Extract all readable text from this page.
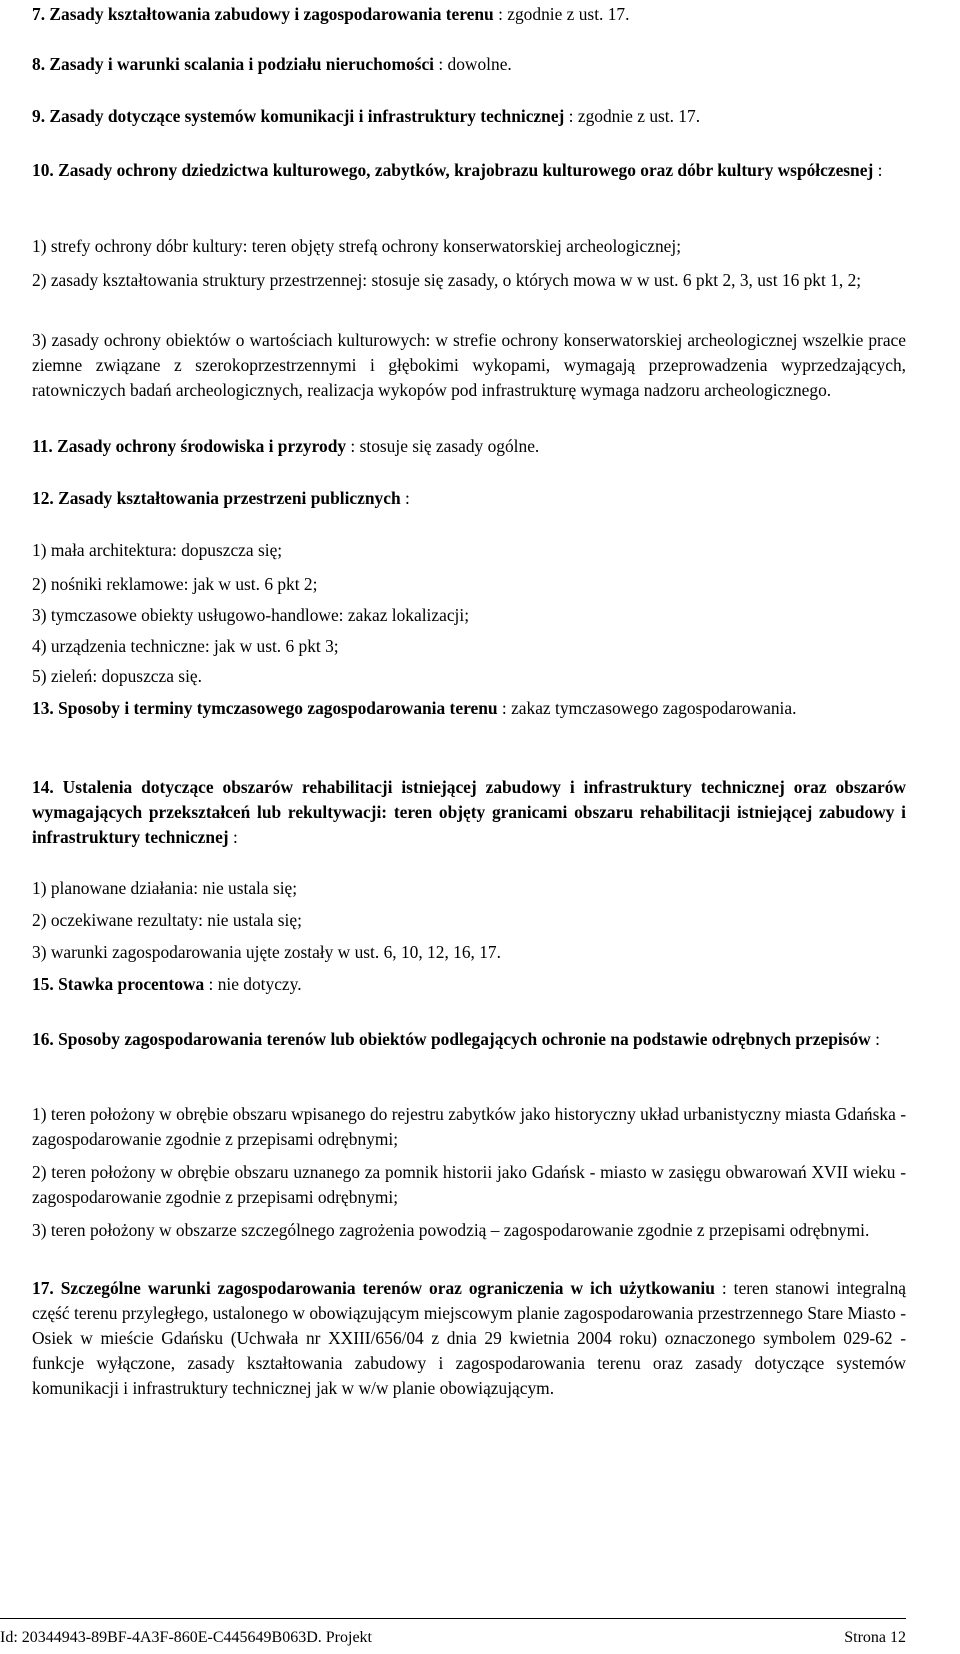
7. Zasady kształtowania zabudowy i zagospodarowania terenu : zgodnie z ust. 17.
8. Zasady i warunki scalania i podziału nieruchomości : dowolne.
9. Zasady dotyczące systemów komunikacji i infrastruktury technicznej : zgodnie z ust. 17.
10. Zasady ochrony dziedzictwa kulturowego, zabytków, krajobrazu kulturowego oraz dóbr kultury współczesnej :
1) strefy ochrony dóbr kultury: teren objęty strefą ochrony konserwatorskiej archeologicznej;
2) zasady kształtowania struktury przestrzennej: stosuje się zasady, o których mowa w w ust. 6 pkt 2, 3, ust 16 pkt 1, 2;
3) zasady ochrony obiektów o wartościach kulturowych: w strefie ochrony konserwatorskiej archeologicznej wszelkie prace ziemne związane z szerokoprzestrzennymi i głębokimi wykopami, wymagają przeprowadzenia wyprzedzających, ratowniczych badań archeologicznych, realizacja wykopów pod infrastrukturę wymaga nadzoru archeologicznego.
11. Zasady ochrony środowiska i przyrody : stosuje się zasady ogólne.
12. Zasady kształtowania przestrzeni publicznych :
1) mała architektura: dopuszcza się;
2) nośniki reklamowe: jak w ust. 6 pkt 2;
3) tymczasowe obiekty usługowo-handlowe: zakaz lokalizacji;
4) urządzenia techniczne: jak w ust. 6 pkt 3;
5) zieleń: dopuszcza się.
13. Sposoby i terminy tymczasowego zagospodarowania terenu : zakaz tymczasowego zagospodarowania.
14. Ustalenia dotyczące obszarów rehabilitacji istniejącej zabudowy i infrastruktury technicznej oraz obszarów wymagających przekształceń lub rekultywacji: teren objęty granicami obszaru rehabilitacji istniejącej zabudowy i infrastruktury technicznej :
1) planowane działania: nie ustala się;
2) oczekiwane rezultaty: nie ustala się;
3) warunki zagospodarowania ujęte zostały w ust. 6, 10, 12, 16, 17.
15. Stawka procentowa : nie dotyczy.
16. Sposoby zagospodarowania terenów lub obiektów podlegających ochronie na podstawie odrębnych przepisów :
1) teren położony w obrębie obszaru wpisanego do rejestru zabytków jako historyczny układ urbanistyczny miasta Gdańska - zagospodarowanie zgodnie z przepisami odrębnymi;
2) teren położony w obrębie obszaru uznanego za pomnik historii jako Gdańsk - miasto w zasięgu obwarowań XVII wieku - zagospodarowanie zgodnie z przepisami odrębnymi;
3) teren położony w obszarze szczególnego zagrożenia powodzią – zagospodarowanie zgodnie z przepisami odrębnymi.
17. Szczególne warunki zagospodarowania terenów oraz ograniczenia w ich użytkowaniu : teren stanowi integralną część terenu przyległego, ustalonego w obowiązującym miejscowym planie zagospodarowania przestrzennego Stare Miasto - Osiek w mieście Gdańsku (Uchwała nr XXIII/656/04 z dnia 29 kwietnia 2004 roku) oznaczonego symbolem 029-62 - funkcje wyłączone, zasady kształtowania zabudowy i zagospodarowania terenu oraz zasady dotyczące systemów komunikacji i infrastruktury technicznej jak w w/w planie obowiązującym.
Id: 20344943-89BF-4A3F-860E-C445649B063D. Projekt	Strona 12
